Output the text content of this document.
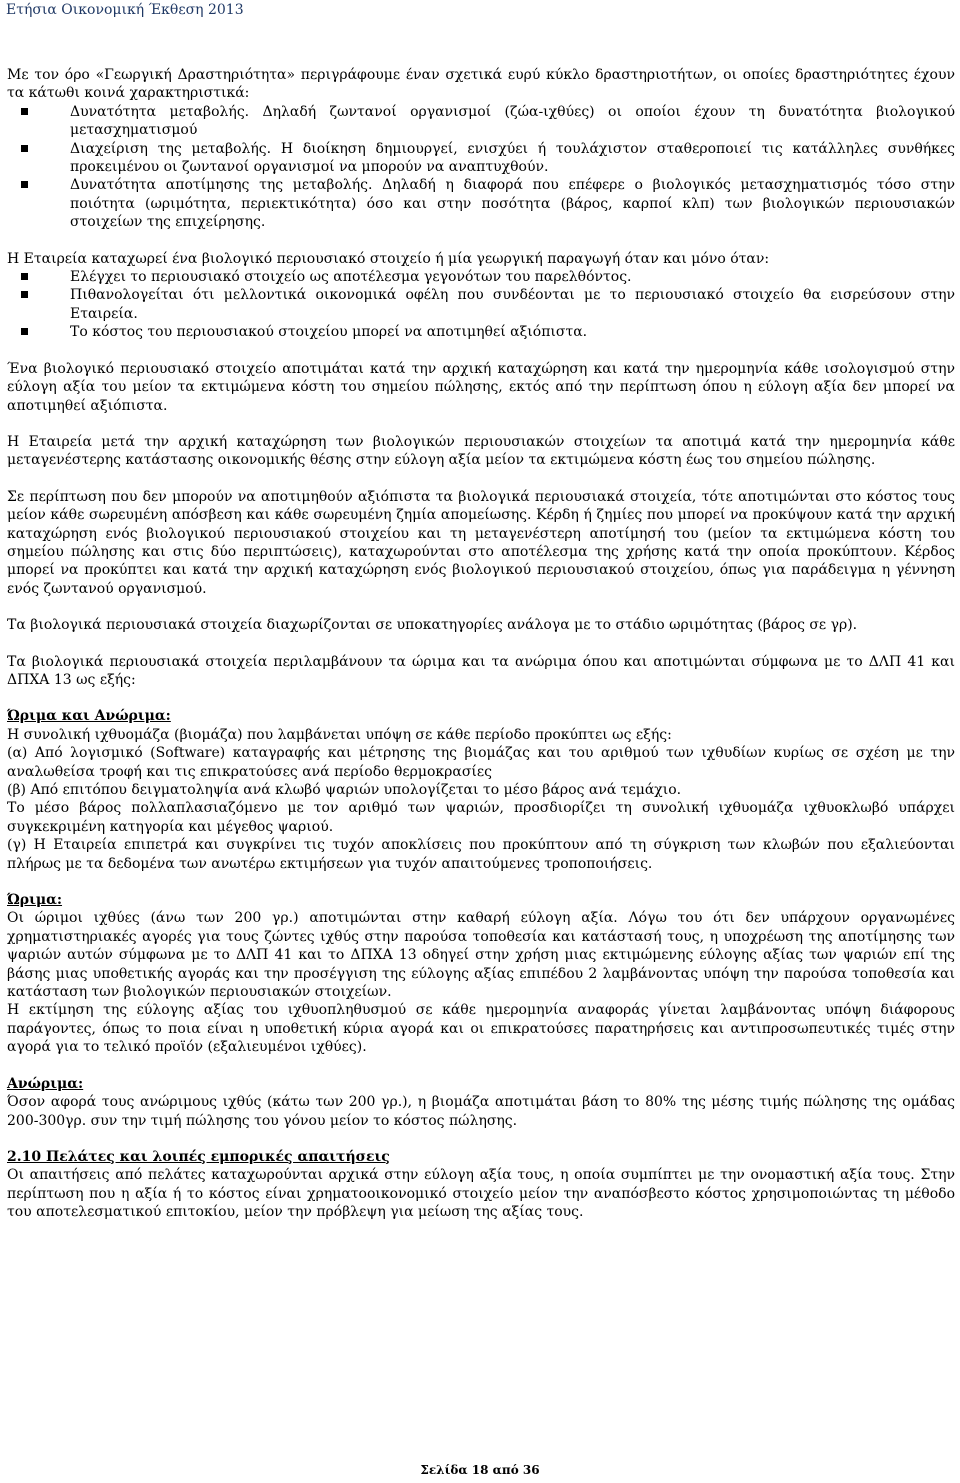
Ετήσια Οικονομική Έκθεση 2013

Με τον όρο «Γεωργική Δραστηριότητα» περιγράφουμε έναν σχετικά ευρύ κύκλο δραστηριοτήτων, οι οποίες δραστηριότητες έχουν τα κάτωθι κοινά χαρακτηριστικά:

Δυνατότητα μεταβολής. Δηλαδή ζωντανοί οργανισμοί (ζώα-ιχθύες) οι οποίοι έχουν τη δυνατότητα βιολογικού μετασχηματισμού
Διαχείριση της μεταβολής. Η διοίκηση δημιουργεί, ενισχύει ή τουλάχιστον σταθεροποιεί τις κατάλληλες συνθήκες προκειμένου οι ζωντανοί οργανισμοί να μπορούν να αναπτυχθούν.
Δυνατότητα αποτίμησης της μεταβολής. Δηλαδή η διαφορά που επέφερε ο βιολογικός μετασχηματισμός τόσο στην ποιότητα (ωριμότητα, περιεκτικότητα) όσο και στην ποσότητα (βάρος, καρποί κλπ) των βιολογικών περιουσιακών στοιχείων της επιχείρησης.

Η Εταιρεία καταχωρεί ένα βιολογικό περιουσιακό στοιχείο ή μία γεωργική παραγωγή όταν και μόνο όταν:

Ελέγχει το περιουσιακό στοιχείο ως αποτέλεσμα γεγονότων του παρελθόντος.
Πιθανολογείται ότι μελλοντικά οικονομικά οφέλη που συνδέονται με το περιουσιακό στοιχείο θα εισρεύσουν στην Εταιρεία.
Το κόστος του περιουσιακού στοιχείου μπορεί να αποτιμηθεί αξιόπιστα.

Ένα βιολογικό περιουσιακό στοιχείο αποτιμάται κατά την αρχική καταχώρηση και κατά την ημερομηνία κάθε ισολογισμού στην εύλογη αξία του μείον τα εκτιμώμενα κόστη του σημείου πώλησης, εκτός από την περίπτωση όπου η εύλογη αξία δεν μπορεί να αποτιμηθεί αξιόπιστα.

Η Εταιρεία μετά την αρχική καταχώρηση των βιολογικών περιουσιακών στοιχείων τα αποτιμά κατά την ημερομηνία κάθε μεταγενέστερης κατάστασης οικονομικής θέσης στην εύλογη αξία μείον τα εκτιμώμενα κόστη έως του σημείου πώλησης.

Σε περίπτωση που δεν μπορούν να αποτιμηθούν αξιόπιστα τα βιολογικά περιουσιακά στοιχεία, τότε αποτιμώνται στο κόστος τους μείον κάθε σωρευμένη απόσβεση και κάθε σωρευμένη ζημία απομείωσης. Κέρδη ή ζημίες που μπορεί να προκύψουν κατά την αρχική καταχώρηση ενός βιολογικού περιουσιακού στοιχείου και τη μεταγενέστερη αποτίμησή του (μείον τα εκτιμώμενα κόστη του σημείου πώλησης και στις δύο περιπτώσεις), καταχωρούνται στο αποτέλεσμα της χρήσης κατά την οποία προκύπτουν. Κέρδος μπορεί να προκύπτει και κατά την αρχική καταχώρηση ενός βιολογικού περιουσιακού στοιχείου, όπως για παράδειγμα η γέννηση ενός ζωντανού οργανισμού.

Τα βιολογικά περιουσιακά στοιχεία διαχωρίζονται σε υποκατηγορίες ανάλογα με το στάδιο ωριμότητας (βάρος σε γρ).

Τα βιολογικά περιουσιακά στοιχεία περιλαμβάνουν τα ώριμα και τα ανώριμα όπου και αποτιμώνται σύμφωνα με το ΔΛΠ 41 και ΔΠΧΑ 13 ως εξής:

Ώριμα και Ανώριμα:

Η συνολική ιχθυομάζα (βιομάζα) που λαμβάνεται υπόψη σε κάθε περίοδο προκύπτει ως εξής:

(α) Από λογισμικό (Software) καταγραφής και μέτρησης της βιομάζας και του αριθμού των ιχθυδίων κυρίως σε σχέση με την αναλωθείσα τροφή και τις επικρατούσες ανά περίοδο θερμοκρασίες

(β) Από επιτόπου δειγματοληψία ανά κλωβό ψαριών υπολογίζεται το μέσο βάρος ανά τεμάχιο.

Το μέσο βάρος πολλαπλασιαζόμενο με τον αριθμό των ψαριών, προσδιορίζει τη συνολική ιχθυομάζα ιχθυοκλωβό υπάρχει συγκεκριμένη κατηγορία και μέγεθος ψαριού.

(γ) Η Εταιρεία επιπετρά και συγκρίνει τις τυχόν αποκλίσεις που προκύπτουν από τη σύγκριση των κλωβών που εξαλιεύονται πλήρως με τα δεδομένα των ανωτέρω εκτιμήσεων για τυχόν απαιτούμενες τροποποιήσεις.

Ώριμα:

Οι ώριμοι ιχθύες (άνω των 200 γρ.) αποτιμώνται στην καθαρή εύλογη αξία. Λόγω του ότι δεν υπάρχουν οργανωμένες χρηματιστηριακές αγορές για τους ζώντες ιχθύς στην παρούσα τοποθεσία και κατάστασή τους, η υποχρέωση της αποτίμησης των ψαριών αυτών σύμφωνα με το ΔΛΠ 41 και το ΔΠΧΑ 13 οδηγεί στην χρήση μιας εκτιμώμενης εύλογης αξίας των ψαριών επί της βάσης μιας υποθετικής αγοράς και την προσέγγιση της εύλογης αξίας επιπέδου 2 λαμβάνοντας υπόψη την παρούσα τοποθεσία και κατάσταση των βιολογικών περιουσιακών στοιχείων.

Η εκτίμηση της εύλογης αξίας του ιχθυοπληθυσμού σε κάθε ημερομηνία αναφοράς γίνεται λαμβάνοντας υπόψη διάφορους παράγοντες, όπως το ποια είναι η υποθετική κύρια αγορά και οι επικρατούσες παρατηρήσεις και αντιπροσωπευτικές τιμές στην αγορά για το τελικό προϊόν (εξαλιευμένοι ιχθύες).

Ανώριμα:

Όσον αφορά τους ανώριμους ιχθύς (κάτω των 200 γρ.), η βιομάζα αποτιμάται βάση το 80% της μέσης τιμής πώλησης της ομάδας 200-300γρ. συν την τιμή πώλησης του γόνου μείον το κόστος πώλησης.

2.10 Πελάτες και λοιπές εμπορικές απαιτήσεις

Οι απαιτήσεις από πελάτες καταχωρούνται αρχικά στην εύλογη αξία τους, η οποία συμπίπτει με την ονομαστική αξία τους. Στην περίπτωση που η αξία ή το κόστος είναι χρηματοοικονομικό στοιχείο μείον την αναπόσβεστο κόστος χρησιμοποιώντας τη μέθοδο του αποτελεσματικού επιτοκίου, μείον την πρόβλεψη για μείωση της αξίας τους.

Σελίδα 18 από 36
